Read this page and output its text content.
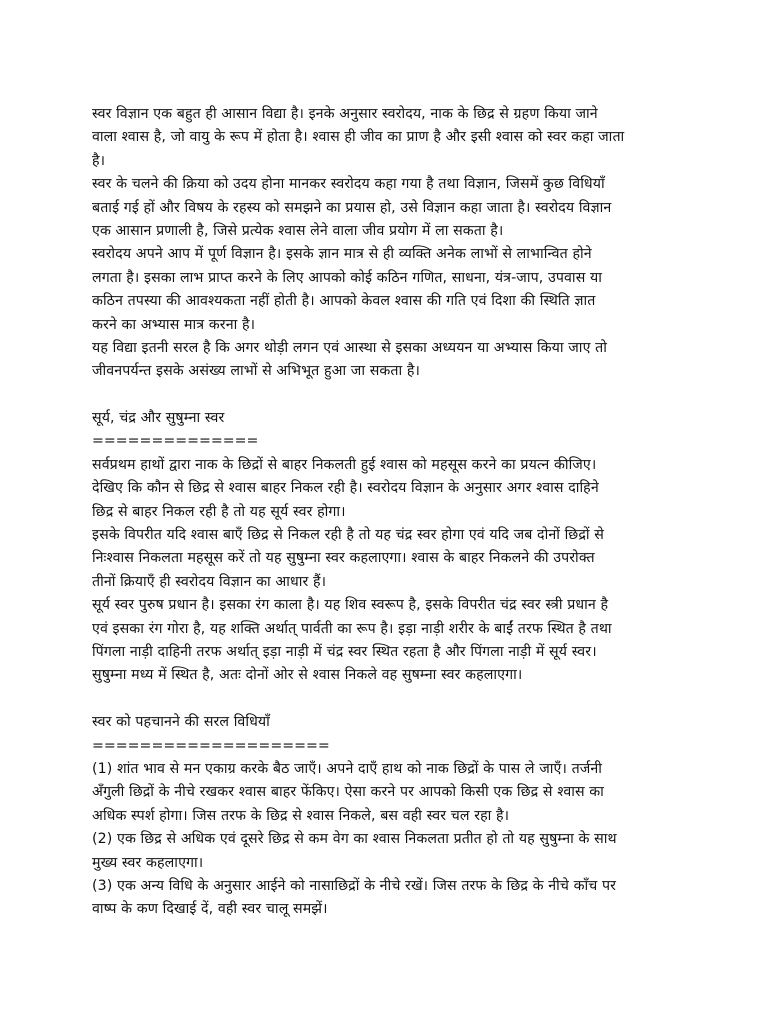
स्वर विज्ञान एक बहुत ही आसान विद्या है। इनके अनुसार स्वरोदय, नाक के छिद्र से ग्रहण किया जाने
वाला श्वास है, जो वायु के रूप में होता है। श्वास ही जीव का प्राण है और इसी श्वास को स्वर कहा जाता
है।
स्वर के चलने की क्रिया को उदय होना मानकर स्वरोदय कहा गया है तथा विज्ञान, जिसमें कुछ विधियाँ
बताई गई हों और विषय के रहस्य को समझने का प्रयास हो, उसे विज्ञान कहा जाता है। स्वरोदय विज्ञान
एक आसान प्रणाली है, जिसे प्रत्येक श्वास लेने वाला जीव प्रयोग में ला सकता है।
स्वरोदय अपने आप में पूर्ण विज्ञान है। इसके ज्ञान मात्र से ही व्यक्ति अनेक लाभों से लाभान्वित होने
लगता है। इसका लाभ प्राप्त करने के लिए आपको कोई कठिन गणित, साधना, यंत्र-जाप, उपवास या
कठिन तपस्या की आवश्यकता नहीं होती है। आपको केवल श्वास की गति एवं दिशा की स्थिति ज्ञात
करने का अभ्यास मात्र करना है।
यह विद्या इतनी सरल है कि अगर थोड़ी लगन एवं आस्था से इसका अध्ययन या अभ्यास किया जाए तो
जीवनपर्यन्त इसके असंख्य लाभों से अभिभूत हुआ जा सकता है।
सूर्य, चंद्र और सुषुम्ना स्वर
==============
सर्वप्रथम हाथों द्वारा नाक के छिद्रों से बाहर निकलती हुई श्वास को महसूस करने का प्रयत्न कीजिए।
देखिए कि कौन से छिद्र से श्वास बाहर निकल रही है। स्वरोदय विज्ञान के अनुसार अगर श्वास दाहिने
छिद्र से बाहर निकल रही है तो यह सूर्य स्वर होगा।
इसके विपरीत यदि श्वास बाएँ छिद्र से निकल रही है तो यह चंद्र स्वर होगा एवं यदि जब दोनों छिद्रों से
निःश्वास निकलता महसूस करें तो यह सुषुम्ना स्वर कहलाएगा। श्वास के बाहर निकलने की उपरोक्त
तीनों क्रियाएँ ही स्वरोदय विज्ञान का आधार हैं।
सूर्य स्वर पुरुष प्रधान है। इसका रंग काला है। यह शिव स्वरूप है, इसके विपरीत चंद्र स्वर स्त्री प्रधान है
एवं इसका रंग गोरा है, यह शक्ति अर्थात् पार्वती का रूप है। इड़ा नाड़ी शरीर के बाईं तरफ स्थित है तथा
पिंगला नाड़ी दाहिनी तरफ अर्थात् इड़ा नाड़ी में चंद्र स्वर स्थित रहता है और पिंगला नाड़ी में सूर्य स्वर।
सुषुम्ना मध्य में स्थित है, अतः दोनों ओर से श्वास निकले वह सुषम्ना स्वर कहलाएगा।
स्वर को पहचानने की सरल विधियाँ
====================
(1) शांत भाव से मन एकाग्र करके बैठ जाएँ। अपने दाएँ हाथ को नाक छिद्रों के पास ले जाएँ। तर्जनी
अँगुली छिद्रों के नीचे रखकर श्वास बाहर फेंकिए। ऐसा करने पर आपको किसी एक छिद्र से श्वास का
अधिक स्पर्श होगा। जिस तरफ के छिद्र से श्वास निकले, बस वही स्वर चल रहा है।
(2) एक छिद्र से अधिक एवं दूसरे छिद्र से कम वेग का श्वास निकलता प्रतीत हो तो यह सुषुम्ना के साथ
मुख्य स्वर कहलाएगा।
(3) एक अन्य विधि के अनुसार आईने को नासाछिद्रों के नीचे रखें। जिस तरफ के छिद्र के नीचे काँच पर
वाष्प के कण दिखाई दें, वही स्वर चालू समझें।
